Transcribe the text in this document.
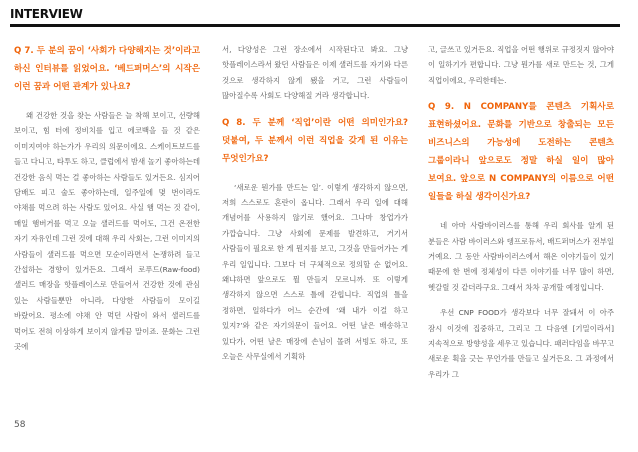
INTERVIEW
Q 7. 두 분의 꿈이 ‘사회가 다양해지는 것’이라고 하신 인터뷰를 읽었어요. ‘베드퍼머스’의 시작은 이런 꿈과 어떤 관계가 있나요?
왜 건강한 것을 찾는 사람들은 늘 착해 보이고, 선량해 보이고, 힘 터에 정비치를 입고 에코백을 들 것 같은 이미지여야 하는가가 우리의 의문이에요. 스케이트보드를 들고 다니고, 타투도 하고, 클럽에서 밤새 놀기 좋아하는데 건강한 음식 먹는 걸 좋아하는 사람들도 있거든요. 심지어 담배도 피고 술도 좋아하는데, 일주일에 몇 번이라도 야채를 먹으려 하는 사람도 있어요. 사실 햄 먹는 것 같이, 매일 햄버거를 먹고 오늘 샐러드를 먹어도, 그건 온전한 자기 자유인데 그런 것에 대해 우리 사회는, 그런 이미지의 사람들이 샐러드를 먹으면 모순이라면서 논쟁하려 들고 간섭하는 경향이 있거든요. 그래서 로푸드(Raw-food) 샐러드 매장을 핫플레이스로 만들어서 건강한 것에 관심 있는 사람들뿐만 아니라, 다양한 사람들이 모이길 바랐어요. 평소에 야채 안 먹던 사람이 와서 샐러드를 먹어도 전혀 이상하게 보이지 않게끔 말이죠. 문화는 그런 곳에
서, 다양성은 그런 장소에서 시작된다고 봐요. 그냥 핫플레이스라서 왔던 사람들은 이제 샐러드를 자기와 다른 것으로 생각하지 않게 됐을 거고, 그런 사람들이 많아질수록 사회도 다양해질 거라 생각합니다.
Q 8. 두 분께 ‘직업’이란 어떤 의미인가요? 덧붙여, 두 분께서 이런 직업을 갖게 된 이유는 무엇인가요?
‘새로운 뭔가를 만드는 일’. 이렇게 생각하지 않으면, 저희 스스로도 혼란이 옵니다. 그래서 우리 일에 대해 개념어를 사용하지 않기로 했어요. 그나마 창업가가 가깝습니다. 그냥 사회에 문제를 발견하고, 거기서 사람들이 필요로 한 게 뭔지를 보고, 그것을 만들어가는 게 우리 일입니다. 그보다 더 구체적으로 정의할 순 없어요. 왜냐하면 앞으로도 뭘 만들지 모르니까. 또 이렇게 생각하지 않으면 스스로 틀에 갇힙니다. 직업의 틀을 정하면, 일하다가 어느 순간에 ‘왜 내가 이걸 하고 있지?’와 같은 자기의문이 들어요. 어떤 날은 배송하고 있다가, 어떤 날은 매장에 손님이 몰려 서빙도 하고, 또 오늘은 사무실에서 기획하
고, 글쓰고 있거든요. 직업을 어떤 행위로 규정짓지 않아야 이 일하기가 편합니다. 그냥 뭔가를 새로 만드는 것, 그게 직업이에요, 우리한테는.
Q 9. N COMPANY를 콘텐츠 기획사로 표현하셨어요. 문화를 기반으로 창출되는 모든 비즈니스의 가능성에 도전하는 콘텐츠 그룹이라니 앞으로도 정말 하실 일이 많아 보여요. 앞으로 N COMPANY의 이름으로 어떤 일들을 하실 생각이신가요?
네 아마 사람바이러스를 통해 우리 회사를 알게 된 분들은 사람 바이러스와 뎅프로듀서, 배드퍼머스가 전부일 거예요. 그 동안 사람바이러스에서 해온 이야기들이 있기 때문에 한 번에 정체성이 다른 이야기를 너무 많이 하면, 헷갈릴 것 같더라구요. 그래서 차차 공개할 예정입니다.
우선 CNP FOOD가 생각보다 너무 잘돼서 이 아주 잠시 이것에 집중하고, 그리고 그 다음엔 [기밀이라서] 지속적으로 방향성을 세우고 있습니다. 패러다임을 바꾸고 새로운 획을 긋는 무언가를 만들고 싶거든요. 그 과정에서 우리가 그
58
